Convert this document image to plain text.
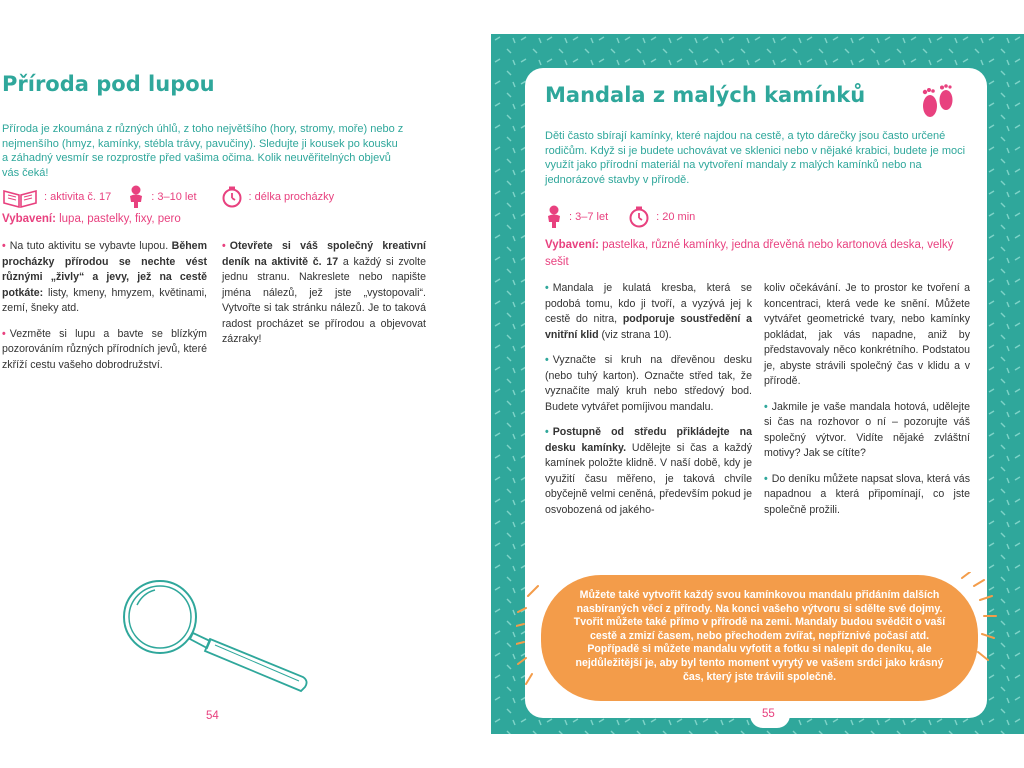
Příroda pod lupou
Příroda je zkoumána z různých úhlů, z toho největšího (hory, stromy, moře) nebo z nejmenšího (hmyz, kamínky, stébla trávy, pavučiny). Sledujte ji kousek po kousku a záhadný vesmír se rozprostře před vašima očima. Kolik neuvěřitelných objevů vás čeká!
: aktivita č. 17	: 3–10 let	: délka procházky
Vybavení: lupa, pastelky, fixy, pero

• Na tuto aktivitu se vybavte lupou. Během procházky přírodou se nechte vést různými „živly“ a jevy, jež na cestě potkáte: listy, kmeny, hmyzem, květinami, zemí, šneky atd.

• Vezměte si lupu a bavte se blízkým pozorováním různých přírodních jevů, které zkříží cestu vašeho dobrodružství.

• Otevřete si váš společný kreativní deník na aktivitě č. 17 a každý si zvolte jednu stranu. Nakreslete nebo napište jména nálezů, jež jste „vystopovali“. Vytvořte si tak stránku nálezů. Je to taková radost procházet se přírodou a objevovat zázraky!

54
Mandala z malých kamínků
Děti často sbírají kamínky, které najdou na cestě, a tyto dárečky jsou často určené rodičům. Když si je budete uchovávat ve sklenici nebo v nějaké krabici, budete je moci využít jako přírodní materiál na vytvoření mandaly z malých kamínků nebo na jednorázové stavby v přírodě.
: 3–7 let	: 20 min
Vybavení: pastelka, různé kamínky, jedna dřevěná nebo kartonová deska, velký sešit

• Mandala je kulatá kresba, která se podobá tomu, kdo ji tvoří, a vyzývá jej k cestě do nitra, podporuje soustředění a vnitřní klid (viz strana 10).

• Vyznačte si kruh na dřevěnou desku (nebo tuhý karton). Označte střed tak, že vyznačíte malý kruh nebo středový bod. Budete vytvářet pomíjivou mandalu.

• Postupně od středu přikládejte na desku kamínky. Udělejte si čas a každý kamínek položte klidně. V naší době, kdy je využití času měřeno, je taková chvíle obyčejně velmi ceněná, především pokud je osvobozená od jakého-

koliv očekávání. Je to prostor ke tvoření a koncentraci, která vede ke snění. Můžete vytvářet geometrické tvary, nebo kamínky pokládat, jak vás napadne, aniž by představovaly něco konkrétního. Podstatou je, abyste strávili společný čas v klidu a v přírodě.

• Jakmile je vaše mandala hotová, udělejte si čas na rozhovor o ní – pozorujte váš společný výtvor. Vidíte nějaké zvláštní motivy? Jak se cítíte?

• Do deníku můžete napsat slova, která vás napadnou a která připomínají, co jste společně prožili.

Můžete také vytvořit každý svou kamínkovou mandalu přidáním dalších nasbíraných věcí z přírody. Na konci vašeho výtvoru si sdělte své dojmy. Tvořit můžete také přímo v přírodě na zemi. Mandaly budou svědčit o vaší cestě a zmizí časem, nebo přechodem zvířat, nepříznivé počasí atd. Popřípadě si můžete mandalu vyfotit a fotku si nalepit do deníku, ale nejdůležitější je, aby byl tento moment vyrytý ve vašem srdci jako krásný čas, který jste trávili společně.
55
